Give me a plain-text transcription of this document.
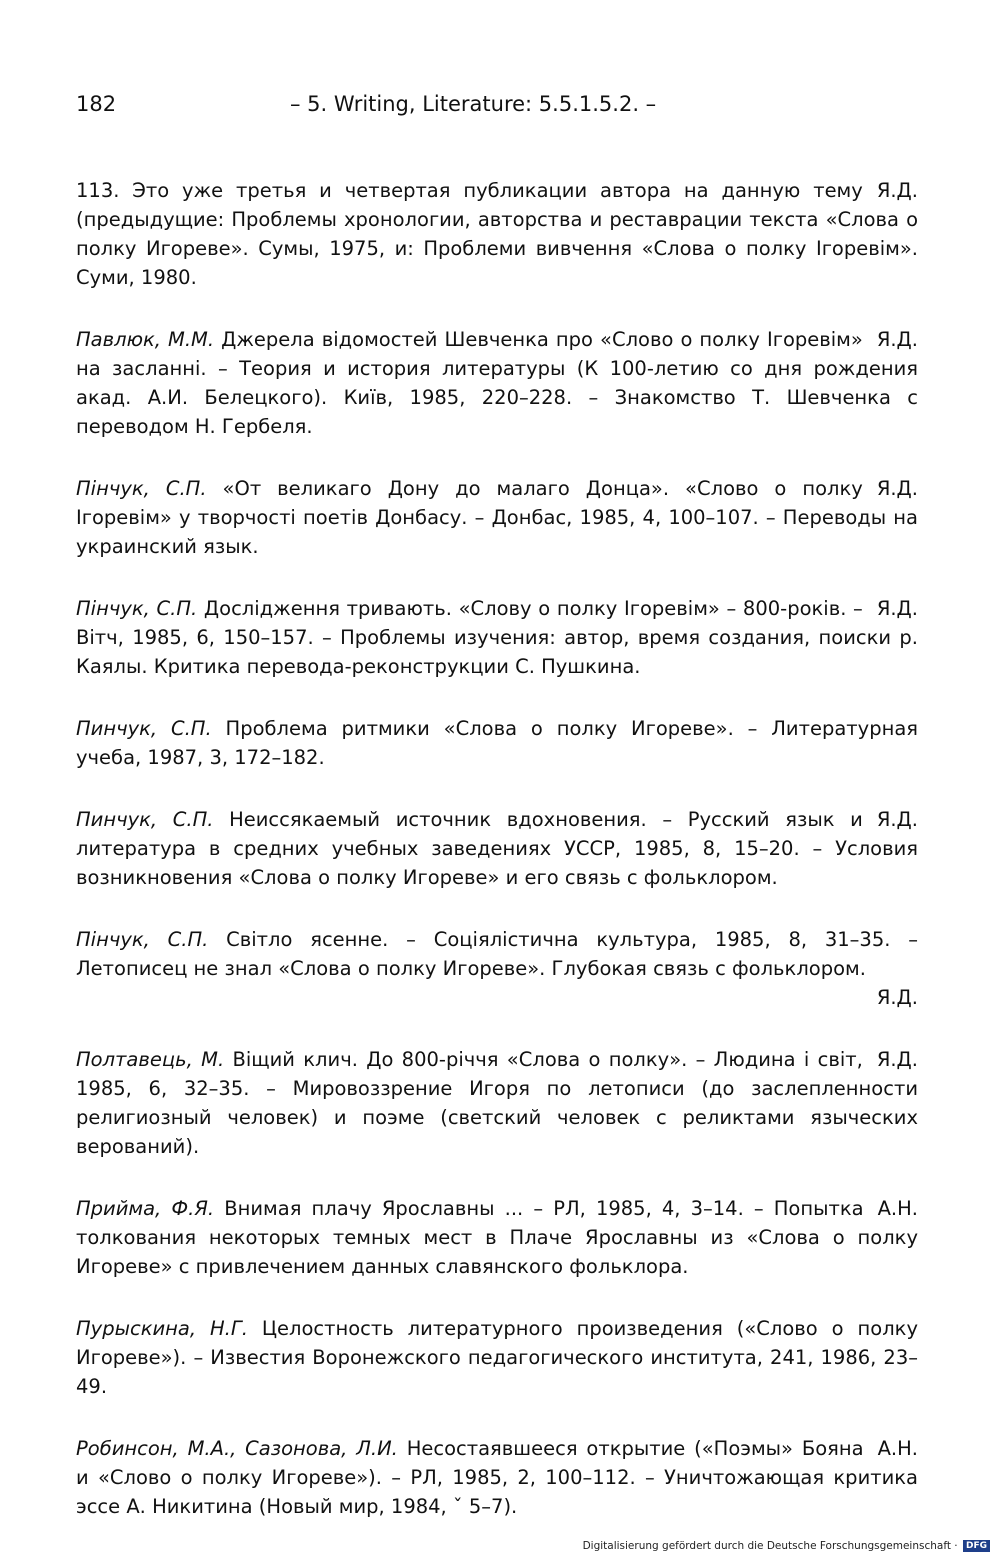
182	– 5. Writing, Literature: 5.5.1.5.2. –

Я.Д.
113. Это уже третья и четвертая публикации автора на данную тему (предыдущие: Проблемы хронологии, авторства и реставрации текста «Слова о полку Игореве». Сумы, 1975, и: Проблеми вивчення «Слова о полку Ігоревім». Суми, 1980.

Я.Д.
Павлюк, М.М. Джерела відомостей Шевченка про «Слово о полку Ігоревім» на засланні. – Теория и история литературы (К 100-летию со дня рождения акад. А.И. Белецкого). Київ, 1985, 220–228. – Знакомство Т. Шевченка с переводом Н. Гербеля.

Я.Д.
Пінчук, С.П. «От великаго Дону до малаго Донца». «Слово о полку Ігоревім» у творчості поетів Донбасу. – Донбас, 1985, 4, 100–107. – Переводы на украинский язык.

Я.Д.
Пінчук, С.П. Дослідження тривають. «Слову о полку Ігоревім» – 800-років. – Вітч, 1985, 6, 150–157. – Проблемы изучения: автор, время создания, поиски р. Каялы. Критика перевода-реконструкции С. Пушкина.

Пинчук, С.П. Проблема ритмики «Слова о полку Игореве». – Литературная учеба, 1987, 3, 172–182.

Я.Д.
Пинчук, С.П. Неиссякаемый источник вдохновения. – Русский язык и литература в средних учебных заведениях УССР, 1985, 8, 15–20. – Условия возникновения «Слова о полку Игореве» и его связь с фольклором.

Пінчук, С.П. Світло ясенне. – Соціялістична культура, 1985, 8, 31–35. – Летописец не знал «Слова о полку Игореве». Глубокая связь с фольклором.
Я.Д.

Я.Д.
Полтавець, М. Віщий клич. До 800-річчя «Слова о полку». – Людина і світ, 1985, 6, 32–35. – Мировоззрение Игоря по летописи (до заслепленности религиозный человек) и поэме (светский человек с реликтами языческих верований).

А.Н.
Прийма, Ф.Я. Внимая плачу Ярославны ... – РЛ, 1985, 4, 3–14. – Попытка толкования некоторых темных мест в Плаче Ярославны из «Слова о полку Игореве» с привлечением данных славянского фольклора.

Пурыскина, Н.Г. Целостность литературного произведения («Слово о полку Игореве»). – Известия Воронежского педагогического института, 241, 1986, 23–49.

А.Н.
Робинсон, М.А., Сазонова, Л.И. Несостаявшееся открытие («Поэмы» Бояна и «Слово о полку Игореве»). – РЛ, 1985, 2, 100–112. – Уничтожающая критика эссе А. Никитина (Новый мир, 1984, ˇ 5–7).

Digitalisierung gefördert durch die Deutsche Forschungsgemeinschaft · DFG
